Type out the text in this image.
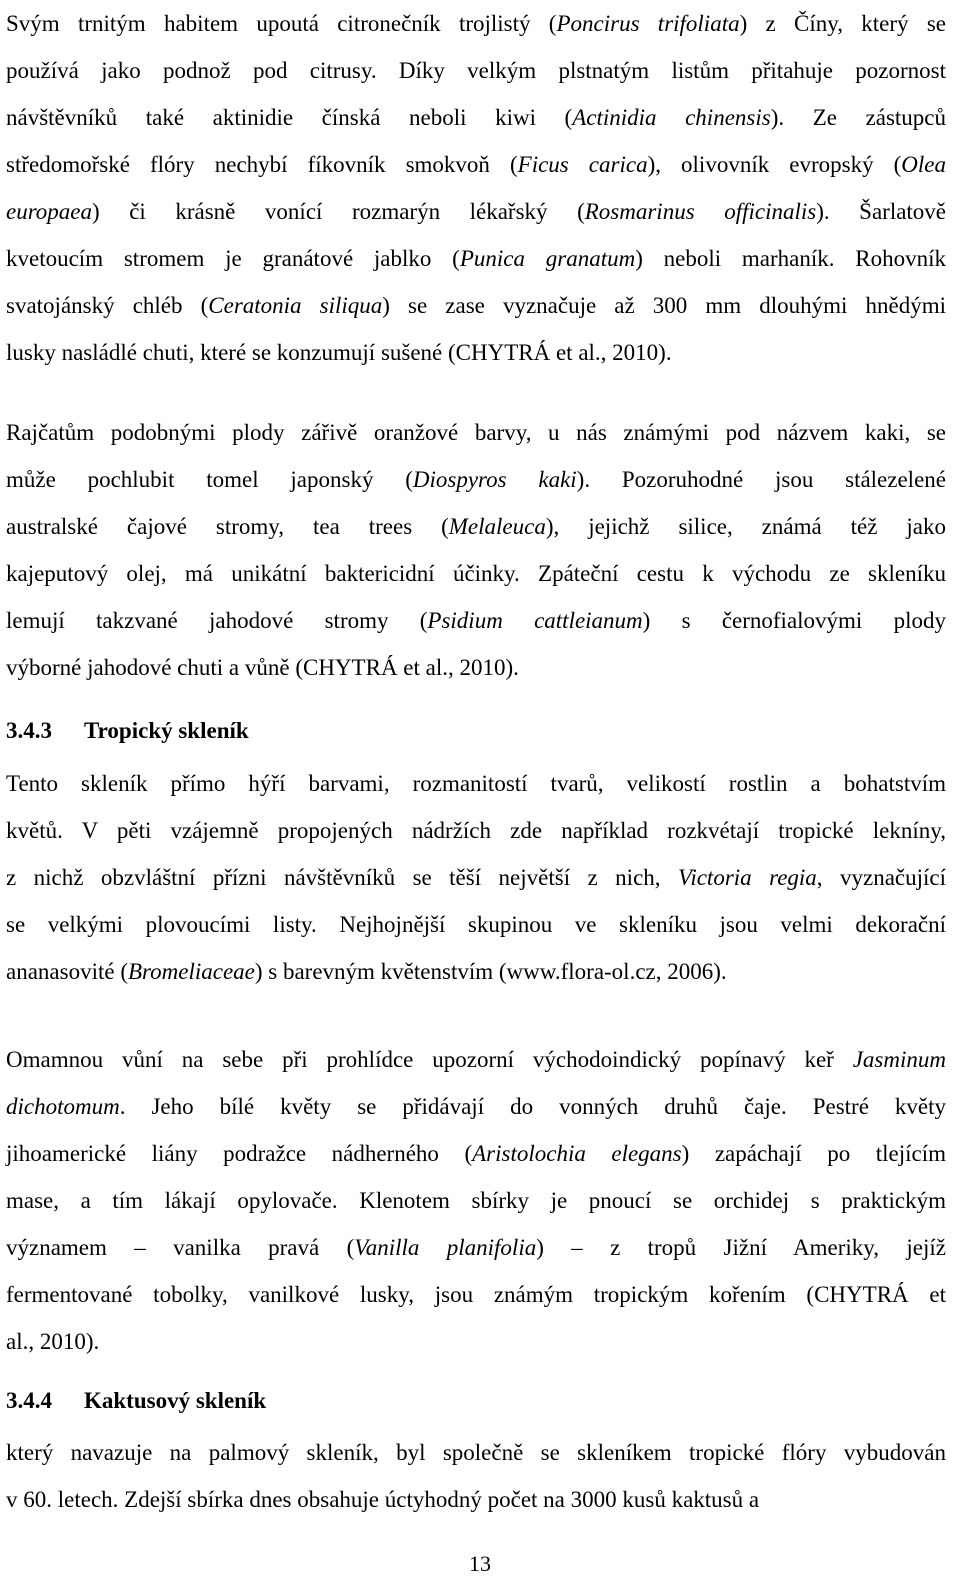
Svým trnitým habitem upoutá citronečník trojlistý (Poncirus trifoliata) z Číny, který se
používá jako podnož pod citrusy. Díky velkým plstnatým listům přitahuje pozornost
návštěvníků také aktinidie čínská neboli kiwi (Actinidia chinensis). Ze zástupců
středomořské flóry nechybí fíkovník smokvoň (Ficus carica), olivovník evropský (Olea
europaea) či krásně vonící rozmarýn lékařský (Rosmarinus officinalis). Šarlatově
kvetoucím stromem je granátové jablko (Punica granatum) neboli marhaník. Rohovník
svatojánský chléb (Ceratonia siliqua) se zase vyznačuje až 300 mm dlouhými hnědými
lusky nasládlé chuti, které se konzumují sušené (CHYTRÁ et al., 2010).
Rajčatům podobnými plody zářivě oranžové barvy, u nás známými pod názvem kaki, se
může pochlubit tomel japonský (Diospyros kaki). Pozoruhodné jsou stálezelené
australské čajové stromy, tea trees (Melaleuca), jejichž silice, známá též jako
kajeputový olej, má unikátní baktericidní účinky. Zpáteční cestu k východu ze skleníku
lemují takzvané jahodové stromy (Psidium cattleianum) s černofialovými plody
výborné jahodové chuti a vůně (CHYTRÁ et al., 2010).
3.4.3 Tropický skleník
Tento skleník přímo hýří barvami, rozmanitostí tvarů, velikostí rostlin a bohatstvím
květů. V pěti vzájemně propojených nádržích zde například rozkvétají tropické lekníny,
z nichž obzvláštní přízni návštěvníků se těší největší z nich, Victoria regia, vyznačující
se velkými plovoucími listy. Nejhojnější skupinou ve skleníku jsou velmi dekorační
ananasovité (Bromeliaceae) s barevným květenstvím (www.flora-ol.cz, 2006).
Omamnou vůní na sebe při prohlídce upozorní východoindický popínavý keř Jasminum
dichotomum. Jeho bílé květy se přidávají do vonných druhů čaje. Pestré květy
jihoamerické liány podražce nádherného (Aristolochia elegans) zapáchají po tlejícím
mase, a tím lákají opylovače. Klenotem sbírky je pnoucí se orchidej s praktickým
významem – vanilka pravá (Vanilla planifolia) – z tropů Jižní Ameriky, jejíž
fermentované tobolky, vanilkové lusky, jsou známým tropickým kořením (CHYTRÁ et
al., 2010).
3.4.4 Kaktusový skleník
který navazuje na palmový skleník, byl společně se skleníkem tropické flóry vybudován
v 60. letech. Zdejší sbírka dnes obsahuje úctyhodný počet na 3000 kusů kaktusů a
13
